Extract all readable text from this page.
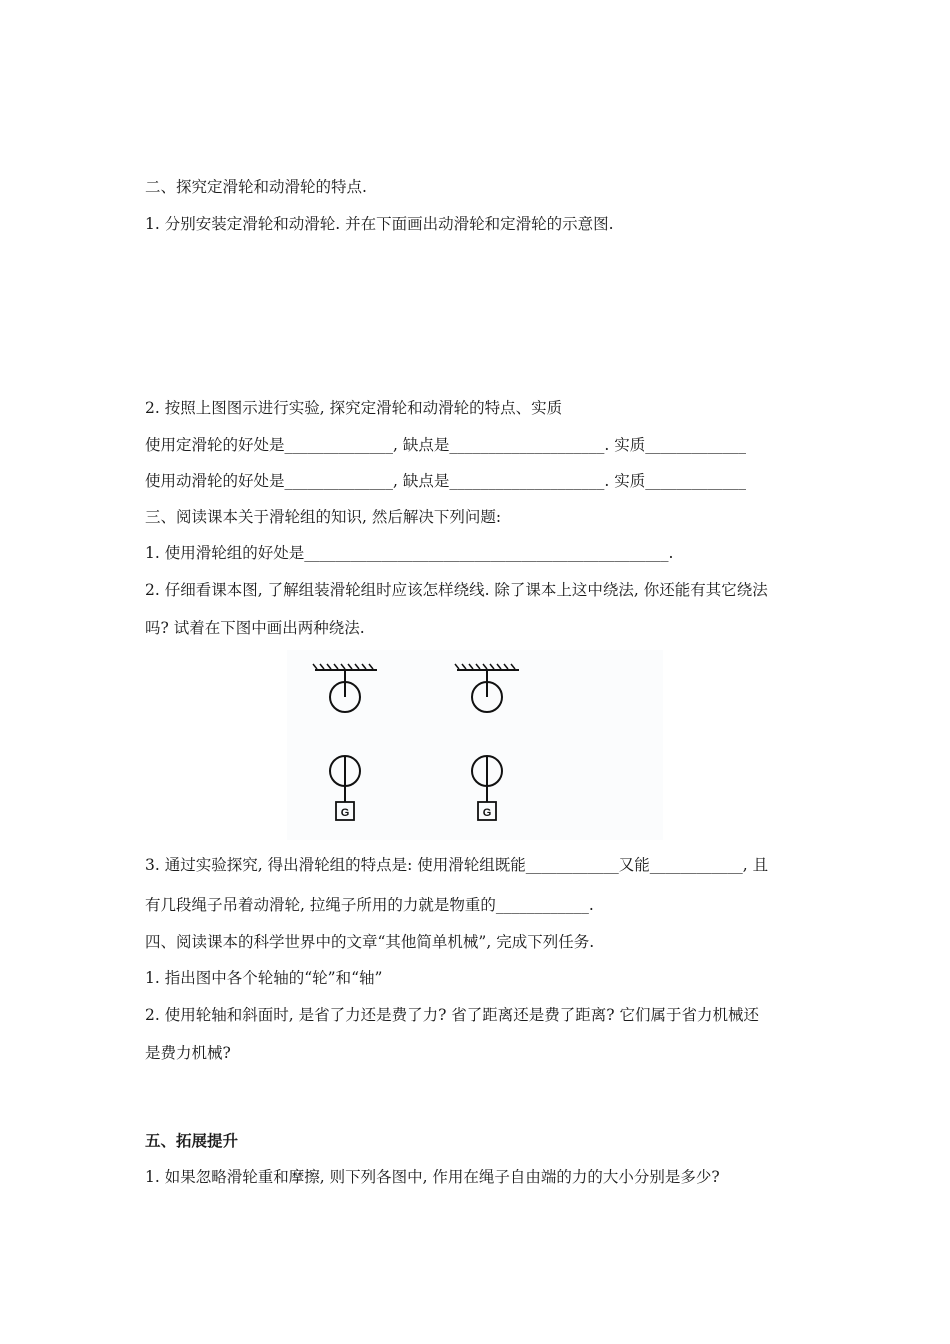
二、探究定滑轮和动滑轮的特点.
1. 分别安装定滑轮和动滑轮. 并在下面画出动滑轮和定滑轮的示意图.
2. 按照上图图示进行实验, 探究定滑轮和动滑轮的特点、实质
使用定滑轮的好处是______________, 缺点是____________________. 实质_____________
使用动滑轮的好处是______________, 缺点是____________________. 实质_____________
三、阅读课本关于滑轮组的知识, 然后解决下列问题:
1. 使用滑轮组的好处是_______________________________________________.
2. 仔细看课本图, 了解组装滑轮组时应该怎样绕线. 除了课本上这中绕法, 你还能有其它绕法
吗? 试着在下图中画出两种绕法.
G	G
3. 通过实验探究, 得出滑轮组的特点是: 使用滑轮组既能____________又能____________, 且
有几段绳子吊着动滑轮, 拉绳子所用的力就是物重的____________.
四、阅读课本的科学世界中的文章“其他简单机械”, 完成下列任务.
1. 指出图中各个轮轴的“轮”和“轴”
2. 使用轮轴和斜面时, 是省了力还是费了力? 省了距离还是费了距离? 它们属于省力机械还
是费力机械?
五、拓展提升
1. 如果忽略滑轮重和摩擦, 则下列各图中, 作用在绳子自由端的力的大小分别是多少?
